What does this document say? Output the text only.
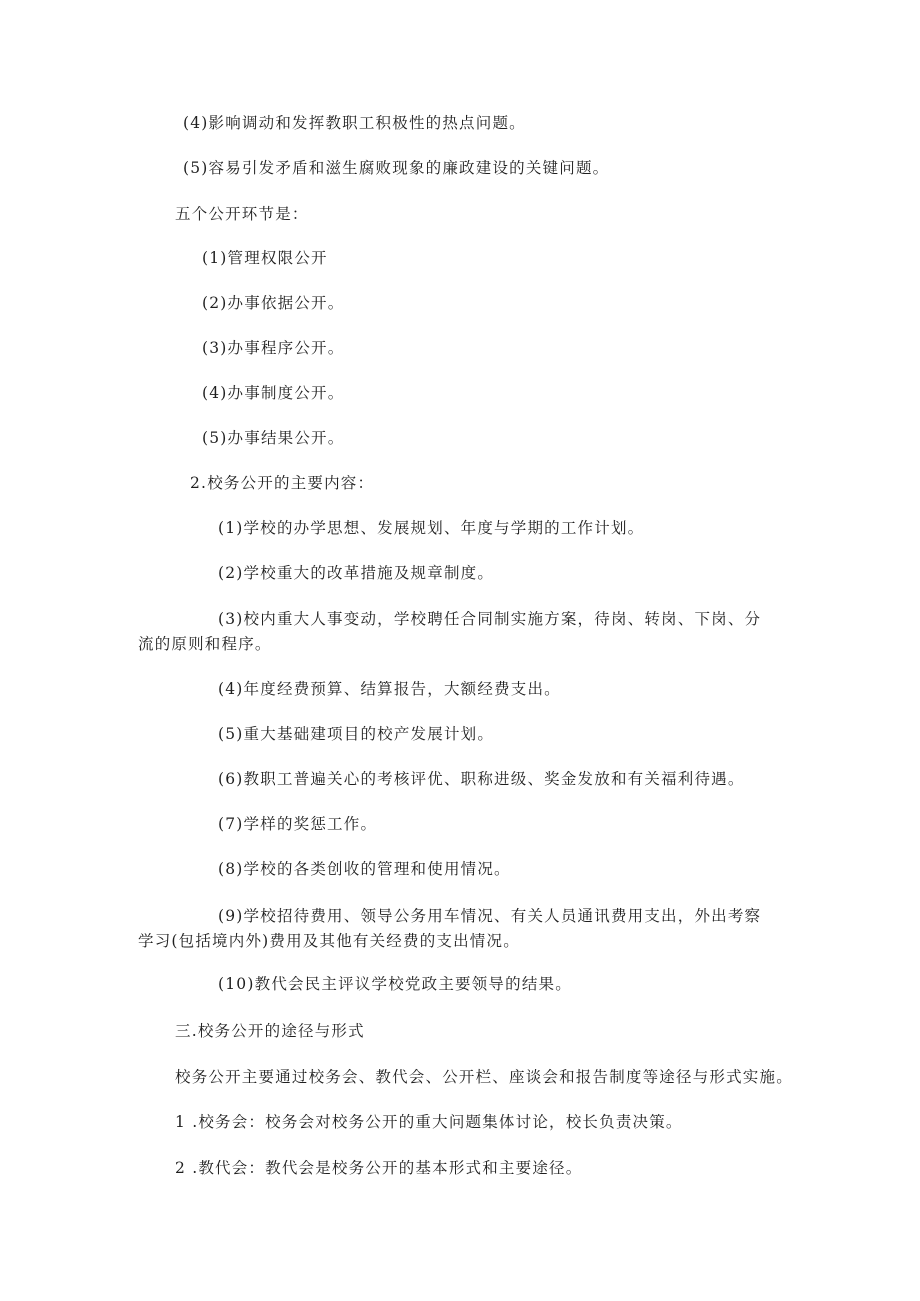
(4)影响调动和发挥教职工积极性的热点问题。
(5)容易引发矛盾和滋生腐败现象的廉政建设的关键问题。
五个公开环节是：
(1)管理权限公开
(2)办事依据公开。
(3)办事程序公开。
(4)办事制度公开。
(5)办事结果公开。
2.校务公开的主要内容：
(1)学校的办学思想、发展规划、年度与学期的工作计划。
(2)学校重大的改革措施及规章制度。
(3)校内重大人事变动，学校聘任合同制实施方案，待岗、转岗、下岗、分
流的原则和程序。
(4)年度经费预算、结算报告，大额经费支出。
(5)重大基础建项目的校产发展计划。
(6)教职工普遍关心的考核评优、职称进级、奖金发放和有关福利待遇。
(7)学样的奖惩工作。
(8)学校的各类创收的管理和使用情况。
(9)学校招待费用、领导公务用车情况、有关人员通讯费用支出，外出考察
学习(包括境内外)费用及其他有关经费的支出情况。
(10)教代会民主评议学校党政主要领导的结果。
三.校务公开的途径与形式
校务公开主要通过校务会、教代会、公开栏、座谈会和报告制度等途径与形式实施。
1 .校务会：校务会对校务公开的重大问题集体讨论，校长负责决策。
2 .教代会：教代会是校务公开的基本形式和主要途径。
